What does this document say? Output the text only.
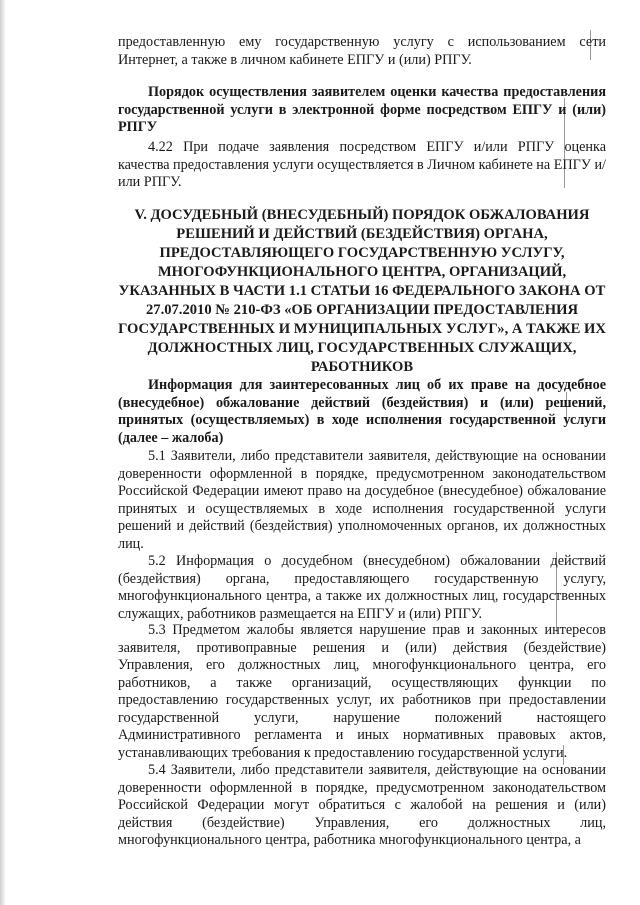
предоставленную ему государственную услугу с использованием сети Интернет, а также в личном кабинете ЕПГУ и (или) РПГУ.

Порядок осуществления заявителем оценки качества предоставления государственной услуги в электронной форме посредством ЕПГУ и (или) РПГУ

4.22 При подаче заявления посредством ЕПГУ и/или РПГУ оценка качества предоставления услуги осуществляется в Личном кабинете на ЕПГУ и/или РПГУ.

V. ДОСУДЕБНЫЙ (ВНЕСУДЕБНЫЙ) ПОРЯДОК ОБЖАЛОВАНИЯ РЕШЕНИЙ И ДЕЙСТВИЙ (БЕЗДЕЙСТВИЯ) ОРГАНА, ПРЕДОСТАВЛЯЮЩЕГО ГОСУДАРСТВЕННУЮ УСЛУГУ, МНОГОФУНКЦИОНАЛЬНОГО ЦЕНТРА, ОРГАНИЗАЦИЙ, УКАЗАННЫХ В ЧАСТИ 1.1 СТАТЬИ 16 ФЕДЕРАЛЬНОГО ЗАКОНА ОТ 27.07.2010 № 210-ФЗ «ОБ ОРГАНИЗАЦИИ ПРЕДОСТАВЛЕНИЯ ГОСУДАРСТВЕННЫХ И МУНИЦИПАЛЬНЫХ УСЛУГ», А ТАКЖЕ ИХ ДОЛЖНОСТНЫХ ЛИЦ, ГОСУДАРСТВЕННЫХ СЛУЖАЩИХ, РАБОТНИКОВ

Информация для заинтересованных лиц об их праве на досудебное (внесудебное) обжалование действий (бездействия) и (или) решений, принятых (осуществляемых) в ходе исполнения государственной услуги (далее – жалоба)

5.1 Заявители, либо представители заявителя, действующие на основании доверенности оформленной в порядке, предусмотренном законодательством Российской Федерации имеют право на досудебное (внесудебное) обжалование принятых и осуществляемых в ходе исполнения государственной услуги решений и действий (бездействия) уполномоченных органов, их должностных лиц.

5.2 Информация о досудебном (внесудебном) обжаловании действий (бездействия) органа, предоставляющего государственную услугу, многофункционального центра, а также их должностных лиц, государственных служащих, работников размещается на ЕПГУ и (или) РПГУ.

5.3 Предметом жалобы является нарушение прав и законных интересов заявителя, противоправные решения и (или) действия (бездействие) Управления, его должностных лиц, многофункционального центра, его работников, а также организаций, осуществляющих функции по предоставлению государственных услуг, их работников при предоставлении государственной услуги, нарушение положений настоящего Административного регламента и иных нормативных правовых актов, устанавливающих требования к предоставлению государственной услуги.

5.4 Заявители, либо представители заявителя, действующие на основании доверенности оформленной в порядке, предусмотренном законодательством Российской Федерации могут обратиться с жалобой на решения и (или) действия (бездействие) Управления, его должностных лиц, многофункционального центра, работника многофункционального центра, а
